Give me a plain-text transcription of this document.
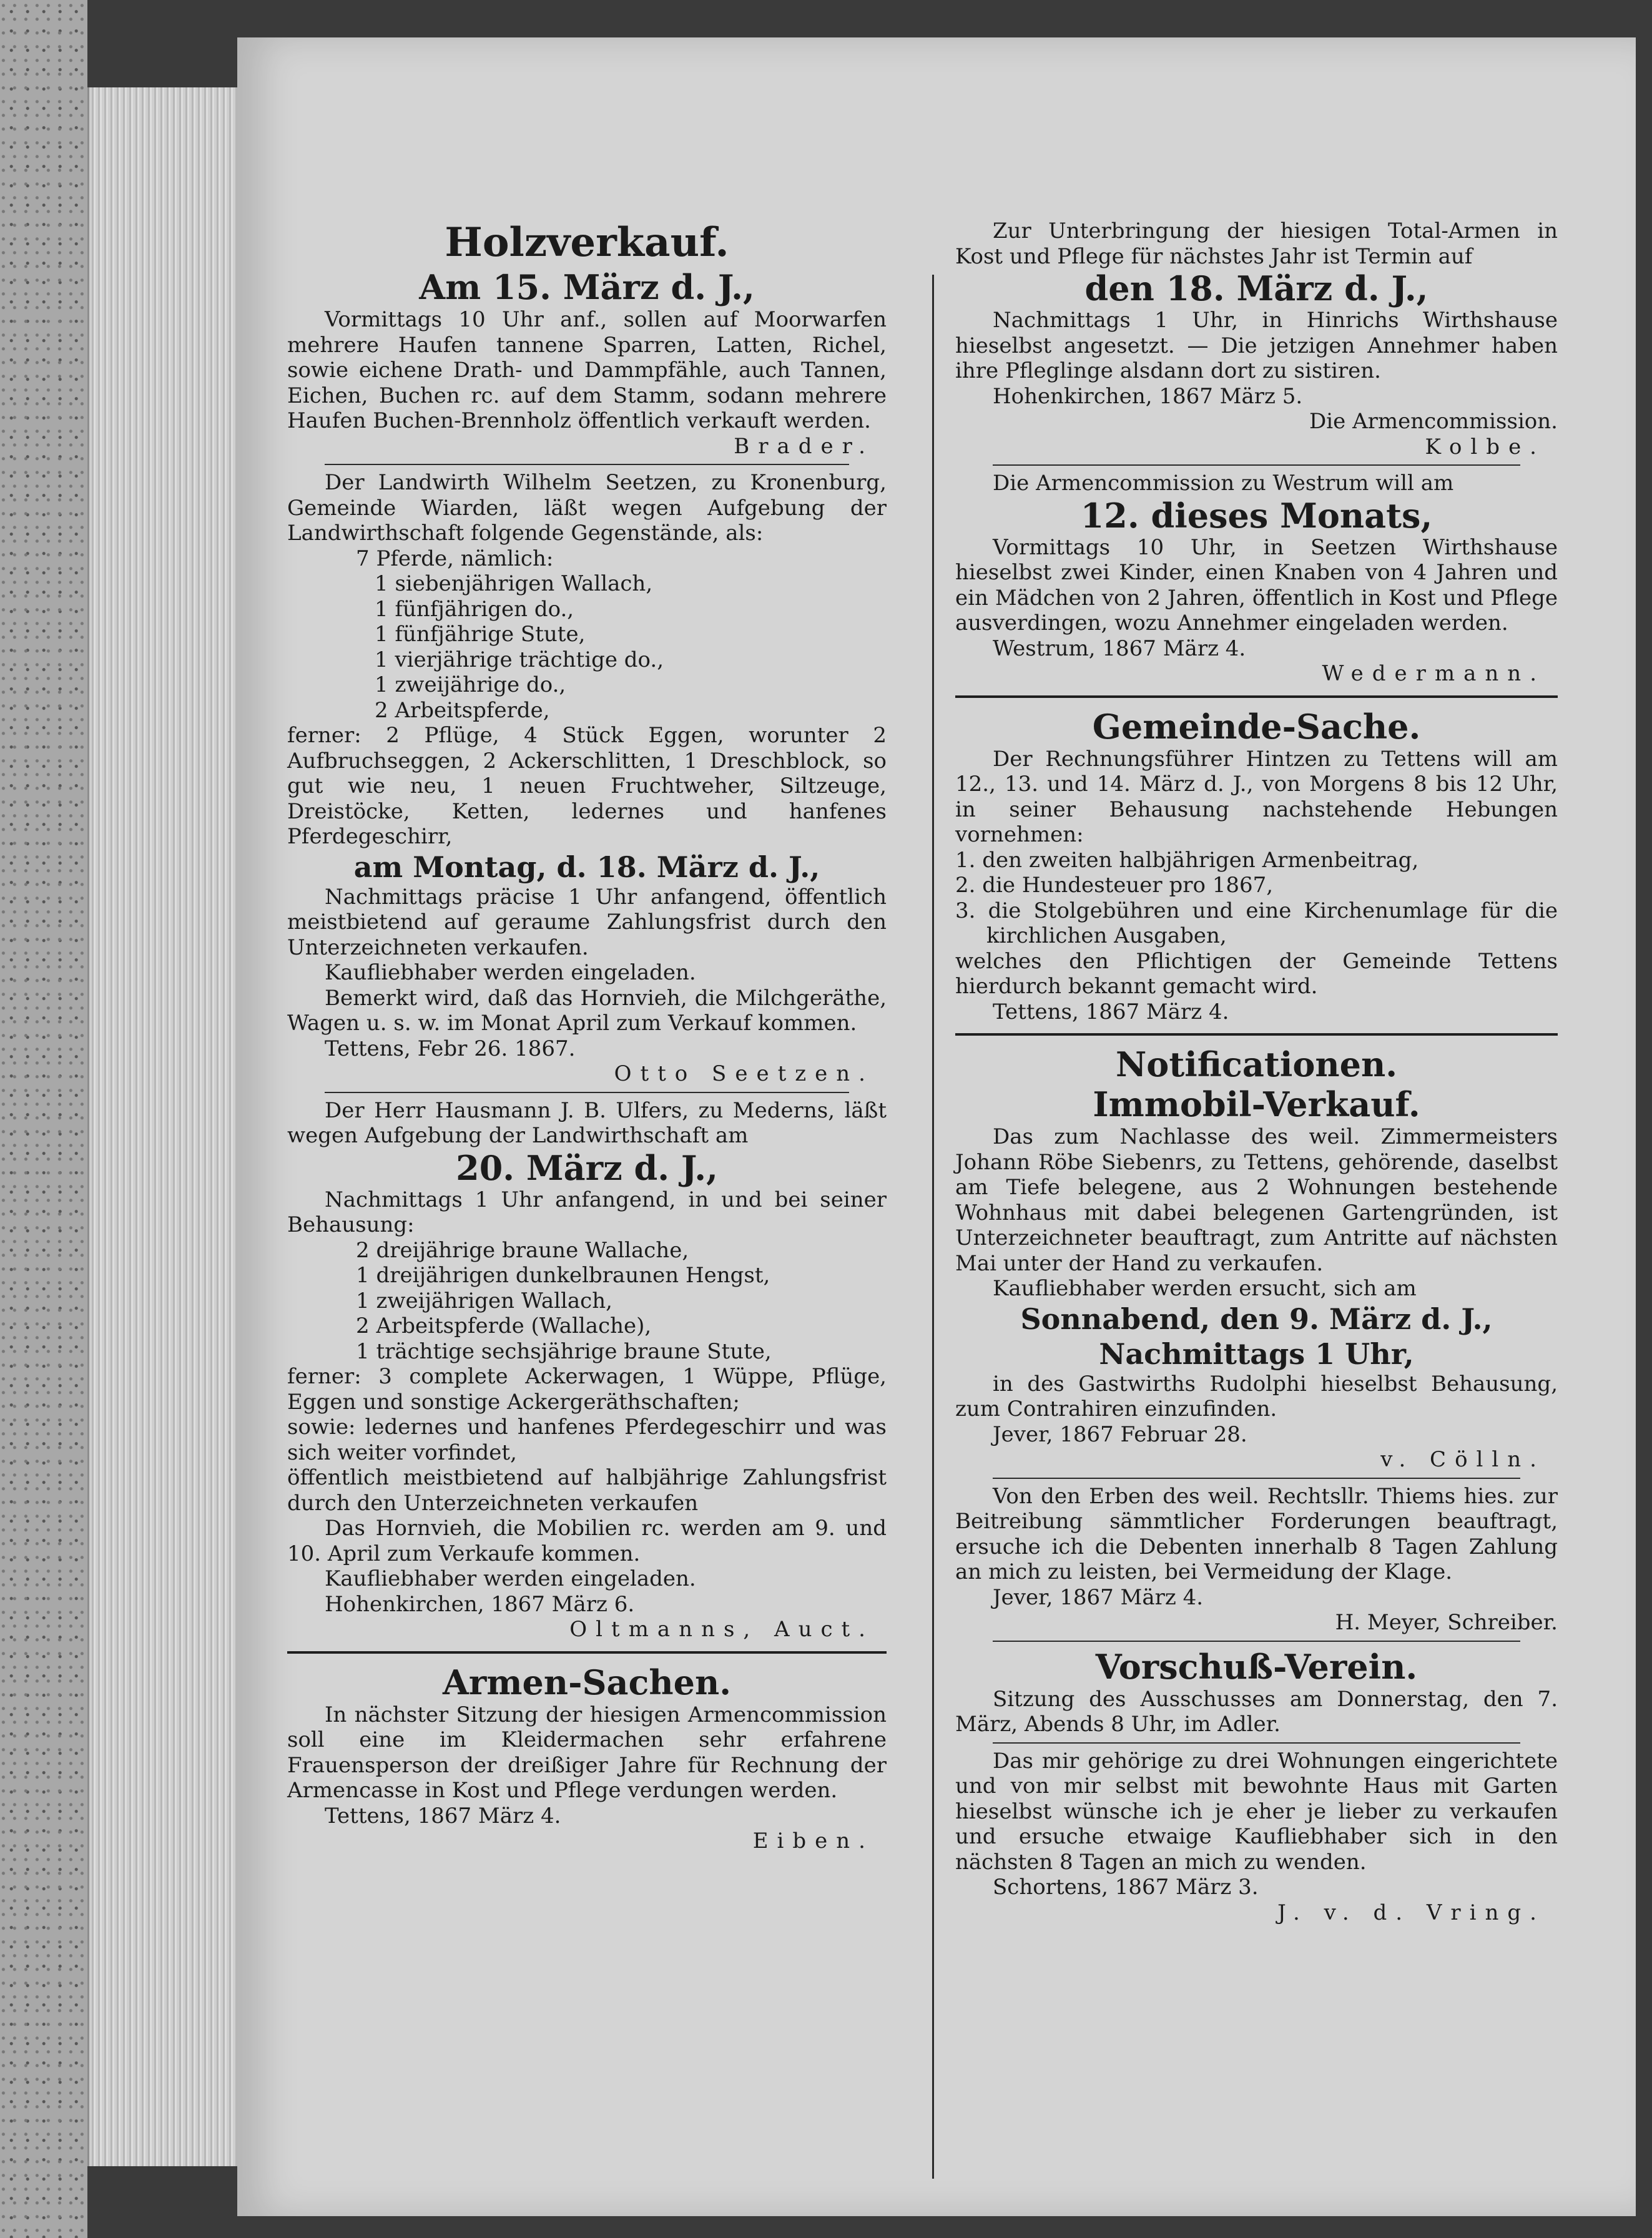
Holzverkauf.

Am 15. März d. J.,

Vormittags 10 Uhr anf., sollen auf Moorwarfen mehrere Haufen tannene Sparren, Latten, Richel, sowie eichene Drath- und Dammpfähle, auch Tannen, Eichen, Buchen rc. auf dem Stamm, sodann mehrere Haufen Buchen-Brennholz öffentlich verkauft werden.

Brader.

Der Landwirth Wilhelm Seetzen, zu Kronenburg, Gemeinde Wiarden, läßt wegen Aufgebung der Landwirthschaft folgende Gegenstände, als:

7 Pferde, nämlich:

1 siebenjährigen Wallach,

1 fünfjährigen do.,

1 fünfjährige Stute,

1 vierjährige trächtige do.,

1 zweijährige do.,

2 Arbeitspferde,

ferner: 2 Pflüge, 4 Stück Eggen, worunter 2 Aufbruchseggen, 2 Ackerschlitten, 1 Dreschblock, so gut wie neu, 1 neuen Fruchtweher, Siltzeuge, Dreistöcke, Ketten, ledernes und hanfenes Pferdegeschirr,

am Montag, d. 18. März d. J.,

Nachmittags präcise 1 Uhr anfangend, öffentlich meistbietend auf geraume Zahlungsfrist durch den Unterzeichneten verkaufen.

Kaufliebhaber werden eingeladen.

Bemerkt wird, daß das Hornvieh, die Milchgeräthe, Wagen u. s. w. im Monat April zum Verkauf kommen.

Tettens, Febr 26. 1867.

Otto Seetzen.

Der Herr Hausmann J. B. Ulfers, zu Mederns, läßt wegen Aufgebung der Landwirthschaft am

20. März d. J.,

Nachmittags 1 Uhr anfangend, in und bei seiner Behausung:

2 dreijährige braune Wallache,

1 dreijährigen dunkelbraunen Hengst,

1 zweijährigen Wallach,

2 Arbeitspferde (Wallache),

1 trächtige sechsjährige braune Stute,

ferner: 3 complete Ackerwagen, 1 Wüppe, Pflüge, Eggen und sonstige Ackergeräthschaften;

sowie: ledernes und hanfenes Pferdegeschirr und was sich weiter vorfindet,

öffentlich meistbietend auf halbjährige Zahlungsfrist durch den Unterzeichneten verkaufen

Das Hornvieh, die Mobilien rc. werden am 9. und 10. April zum Verkaufe kommen.

Kaufliebhaber werden eingeladen.

Hohenkirchen, 1867 März 6.

Oltmanns, Auct.

Armen-Sachen.

In nächster Sitzung der hiesigen Armencommission soll eine im Kleidermachen sehr erfahrene Frauensperson der dreißiger Jahre für Rechnung der Armencasse in Kost und Pflege verdungen werden.

Tettens, 1867 März 4.

Eiben.

Zur Unterbringung der hiesigen Total-Armen in Kost und Pflege für nächstes Jahr ist Termin auf

den 18. März d. J.,

Nachmittags 1 Uhr, in Hinrichs Wirthshause hieselbst angesetzt. — Die jetzigen Annehmer haben ihre Pfleglinge alsdann dort zu sistiren.

Hohenkirchen, 1867 März 5.

Die Armencommission.

Kolbe.

Die Armencommission zu Westrum will am

12. dieses Monats,

Vormittags 10 Uhr, in Seetzen Wirthshause hieselbst zwei Kinder, einen Knaben von 4 Jahren und ein Mädchen von 2 Jahren, öffentlich in Kost und Pflege ausverdingen, wozu Annehmer eingeladen werden.

Westrum, 1867 März 4.

Wedermann.

Gemeinde-Sache.

Der Rechnungsführer Hintzen zu Tettens will am 12., 13. und 14. März d. J., von Morgens 8 bis 12 Uhr, in seiner Behausung nachstehende Hebungen vornehmen:

1. den zweiten halbjährigen Armenbeitrag,

2. die Hundesteuer pro 1867,

3. die Stolgebühren und eine Kirchenumlage für die kirchlichen Ausgaben,

welches den Pflichtigen der Gemeinde Tettens hierdurch bekannt gemacht wird.

Tettens, 1867 März 4.

Notificationen.

Immobil-Verkauf.

Das zum Nachlasse des weil. Zimmermeisters Johann Röbe Siebenrs, zu Tettens, gehörende, daselbst am Tiefe belegene, aus 2 Wohnungen bestehende Wohnhaus mit dabei belegenen Gartengründen, ist Unterzeichneter beauftragt, zum Antritte auf nächsten Mai unter der Hand zu verkaufen.

Kaufliebhaber werden ersucht, sich am

Sonnabend, den 9. März d. J.,

Nachmittags 1 Uhr,

in des Gastwirths Rudolphi hieselbst Behausung, zum Contrahiren einzufinden.

Jever, 1867 Februar 28.

v. Cölln.

Von den Erben des weil. Rechtsllr. Thiems hies. zur Beitreibung sämmtlicher Forderungen beauftragt, ersuche ich die Debenten innerhalb 8 Tagen Zahlung an mich zu leisten, bei Vermeidung der Klage.

Jever, 1867 März 4.

H. Meyer, Schreiber.

Vorschuß-Verein.

Sitzung des Ausschusses am Donnerstag, den 7. März, Abends 8 Uhr, im Adler.

Das mir gehörige zu drei Wohnungen eingerichtete und von mir selbst mit bewohnte Haus mit Garten hieselbst wünsche ich je eher je lieber zu verkaufen und ersuche etwaige Kaufliebhaber sich in den nächsten 8 Tagen an mich zu wenden.

Schortens, 1867 März 3.

J. v. d. Vring.
